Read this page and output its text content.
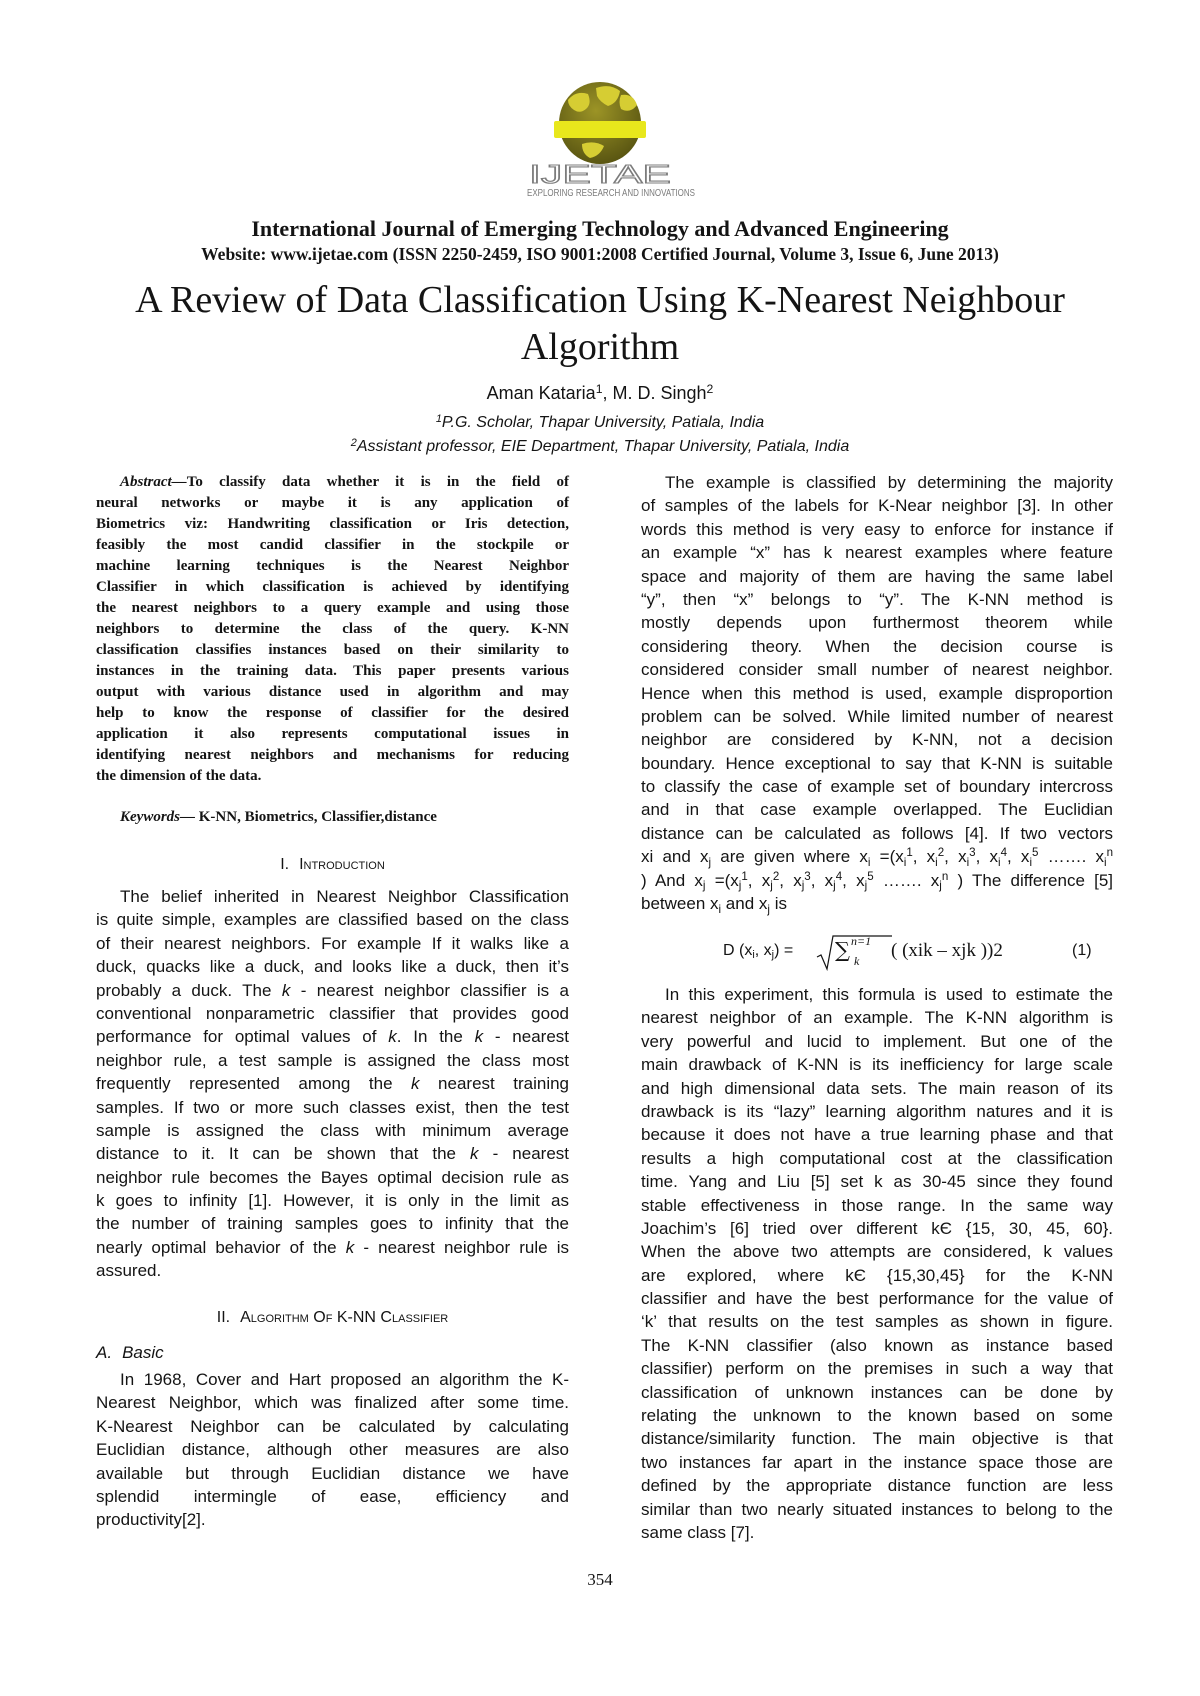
IJETAE
EXPLORING RESEARCH AND INNOVATIONS
International Journal of Emerging Technology and Advanced Engineering
Website: www.ijetae.com (ISSN 2250-2459, ISO 9001:2008 Certified Journal, Volume 3, Issue 6, June 2013)
A Review of Data Classification Using K-Nearest Neighbour
Algorithm
Aman Kataria$^1$, M. D. Singh$^2$
$^1$P.G. Scholar, Thapar University, Patiala, India
$^2$Assistant professor, EIE Department, Thapar University, Patiala, India
Abstract—To classify data whether it is in the field of
neural networks or maybe it is any application of
Biometrics viz: Handwriting classification or Iris detection,
feasibly the most candid classifier in the stockpile or
machine learning techniques is the Nearest Neighbor
Classifier in which classification is achieved by identifying
the nearest neighbors to a query example and using those
neighbors to determine the class of the query. K-NN
classification classifies instances based on their similarity to
instances in the training data. This paper presents various
output with various distance used in algorithm and may
help to know the response of classifier for the desired
application it also represents computational issues in
identifying nearest neighbors and mechanisms for reducing
the dimension of the data.
Keywords— K-NN, Biometrics, Classifier,distance
I. Introduction
The belief inherited in Nearest Neighbor Classification
is quite simple, examples are classified based on the class
of their nearest neighbors. For example If it walks like a
duck, quacks like a duck, and looks like a duck, then it’s
probably a duck. The k - nearest neighbor classifier is a
conventional nonparametric classifier that provides good
performance for optimal values of k. In the k - nearest
neighbor rule, a test sample is assigned the class most
frequently represented among the k nearest training
samples. If two or more such classes exist, then the test
sample is assigned the class with minimum average
distance to it. It can be shown that the k - nearest
neighbor rule becomes the Bayes optimal decision rule as
k goes to infinity [1]. However, it is only in the limit as
the number of training samples goes to infinity that the
nearly optimal behavior of the k - nearest neighbor rule is
assured.
II. Algorithm Of K-NN Classifier
A. Basic
In 1968, Cover and Hart proposed an algorithm the K-
Nearest Neighbor, which was finalized after some time.
K-Nearest Neighbor can be calculated by calculating
Euclidian distance, although other measures are also
available but through Euclidian distance we have
splendid intermingle of ease, efficiency and
productivity[2].
The example is classified by determining the majority
of samples of the labels for K-Near neighbor [3]. In other
words this method is very easy to enforce for instance if
an example “x” has k nearest examples where feature
space and majority of them are having the same label
“y”, then “x” belongs to “y”. The K-NN method is
mostly depends upon furthermost theorem while
considering theory. When the decision course is
considered consider small number of nearest neighbor.
Hence when this method is used, example disproportion
problem can be solved. While limited number of nearest
neighbor are considered by K-NN, not a decision
boundary. Hence exceptional to say that K-NN is suitable
to classify the case of example set of boundary intercross
and in that case example overlapped. The Euclidian
distance can be calculated as follows [4]. If two vectors
xi and $x_j$ are given where $x_i =(x_i^1$, $x_i^2$, $x_i^3$, $x_i^4$, $x_i^5$ ……. $x_i^n$
) And $x_j =(x_j^1$, $x_j^2$, $x_j^3$, $x_j^4$, $x_j^5$ ……. $x_j^n$ ) The difference [5]
between $x_i$ and $x_j$ is
D ($x_i$, $x_j$) = ∑ n=1
k ( (xik – xjk ))2	(1)
In this experiment, this formula is used to estimate the
nearest neighbor of an example. The K-NN algorithm is
very powerful and lucid to implement. But one of the
main drawback of K-NN is its inefficiency for large scale
and high dimensional data sets. The main reason of its
drawback is its “lazy” learning algorithm natures and it is
because it does not have a true learning phase and that
results a high computational cost at the classification
time. Yang and Liu [5] set k as 30-45 since they found
stable effectiveness in those range. In the same way
Joachim’s [6] tried over different kЄ {15, 30, 45, 60}.
When the above two attempts are considered, k values
are explored, where kЄ {15,30,45} for the K-NN
classifier and have the best performance for the value of
‘k’ that results on the test samples as shown in figure.
The K-NN classifier (also known as instance based
classifier) perform on the premises in such a way that
classification of unknown instances can be done by
relating the unknown to the known based on some
distance/similarity function. The main objective is that
two instances far apart in the instance space those are
defined by the appropriate distance function are less
similar than two nearly situated instances to belong to the
same class [7].
354
